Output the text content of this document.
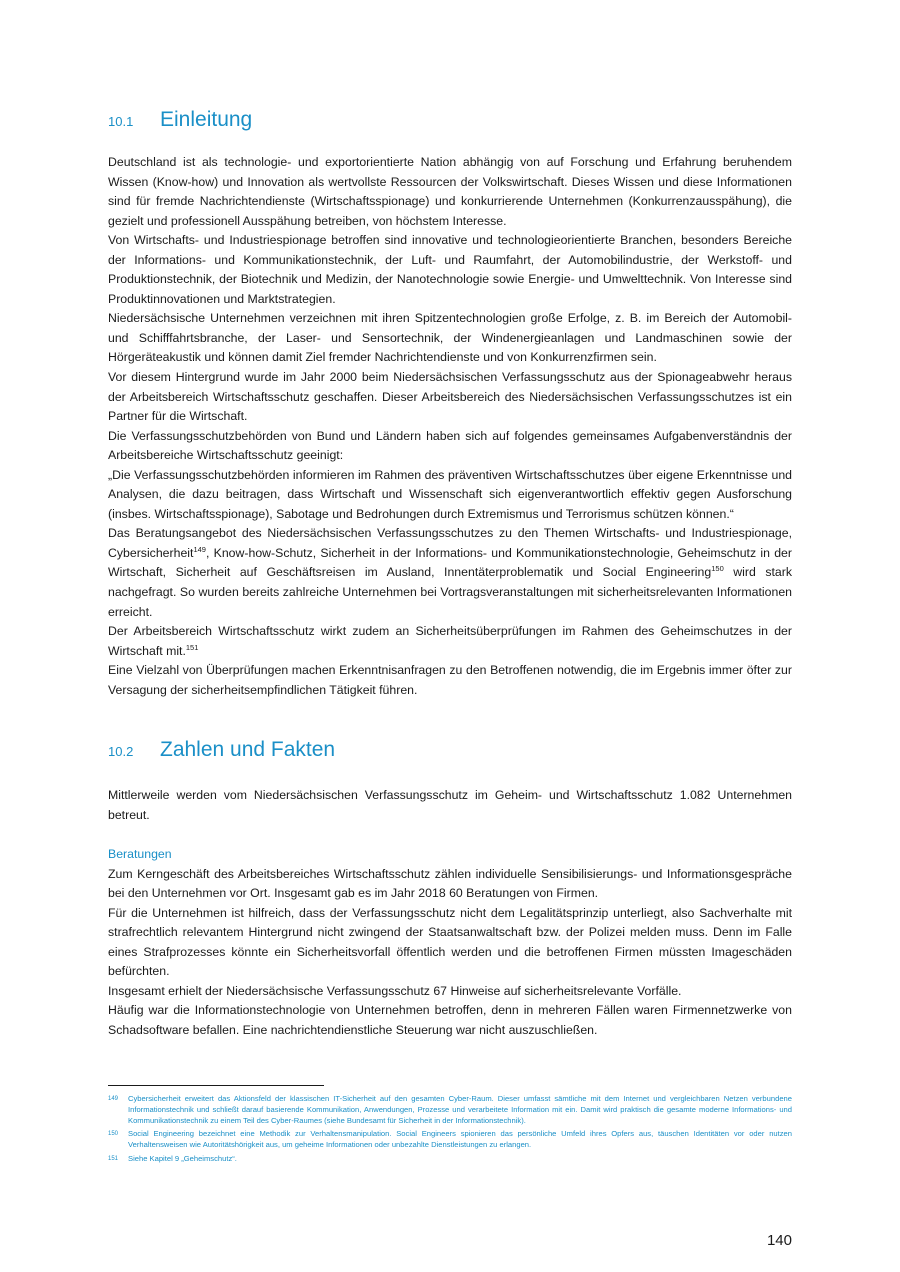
10.1	Einleitung

Deutschland ist als technologie- und exportorientierte Nation abhängig von auf Forschung und Erfahrung beruhendem Wissen (Know-how) und Innovation als wertvollste Ressourcen der Volkswirtschaft. Dieses Wissen und diese Informationen sind für fremde Nachrichtendienste (Wirtschaftsspionage) und konkurrierende Unternehmen (Konkurrenzausspähung), die gezielt und professionell Ausspähung betreiben, von höchstem Interesse.

Von Wirtschafts- und Industriespionage betroffen sind innovative und technologieorientierte Branchen, besonders Bereiche der Informations- und Kommunikationstechnik, der Luft- und Raumfahrt, der Automobilindustrie, der Werkstoff- und Produktionstechnik, der Biotechnik und Medizin, der Nanotechnologie sowie Energie- und Umwelttechnik. Von Interesse sind Produktinnovationen und Marktstrategien.

Niedersächsische Unternehmen verzeichnen mit ihren Spitzentechnologien große Erfolge, z. B. im Bereich der Automobil- und Schifffahrtsbranche, der Laser- und Sensortechnik, der Windenergieanlagen und Landmaschinen sowie der Hörgeräteakustik und können damit Ziel fremder Nachrichtendienste und von Konkurrenzfirmen sein.

Vor diesem Hintergrund wurde im Jahr 2000 beim Niedersächsischen Verfassungsschutz aus der Spionageabwehr heraus der Arbeitsbereich Wirtschaftsschutz geschaffen. Dieser Arbeitsbereich des Niedersächsischen Verfassungsschutzes ist ein Partner für die Wirtschaft.

Die Verfassungsschutzbehörden von Bund und Ländern haben sich auf folgendes gemeinsames Aufgabenverständnis der Arbeitsbereiche Wirtschaftsschutz geeinigt:

„Die Verfassungsschutzbehörden informieren im Rahmen des präventiven Wirtschaftsschutzes über eigene Erkenntnisse und Analysen, die dazu beitragen, dass Wirtschaft und Wissenschaft sich eigenverantwortlich effektiv gegen Ausforschung (insbes. Wirtschaftsspionage), Sabotage und Bedrohungen durch Extremismus und Terrorismus schützen können.“

Das Beratungsangebot des Niedersächsischen Verfassungsschutzes zu den Themen Wirtschafts- und Industriespionage, Cybersicherheit$^{149}$, Know-how-Schutz, Sicherheit in der Informations- und Kommunikationstechnologie, Geheimschutz in der Wirtschaft, Sicherheit auf Geschäftsreisen im Ausland, Innentäterproblematik und Social Engineering$^{150}$ wird stark nachgefragt. So wurden bereits zahlreiche Unternehmen bei Vortragsveranstaltungen mit sicherheitsrelevanten Informationen erreicht.

Der Arbeitsbereich Wirtschaftsschutz wirkt zudem an Sicherheitsüberprüfungen im Rahmen des Geheimschutzes in der Wirtschaft mit.$^{151}$

Eine Vielzahl von Überprüfungen machen Erkenntnisanfragen zu den Betroffenen notwendig, die im Ergebnis immer öfter zur Versagung der sicherheitsempfindlichen Tätigkeit führen.

10.2	Zahlen und Fakten

Mittlerweile werden vom Niedersächsischen Verfassungsschutz im Geheim- und Wirtschaftsschutz 1.082 Unternehmen betreut.

Beratungen

Zum Kerngeschäft des Arbeitsbereiches Wirtschaftsschutz zählen individuelle Sensibilisierungs- und Informationsgespräche bei den Unternehmen vor Ort. Insgesamt gab es im Jahr 2018 60 Beratungen von Firmen.

Für die Unternehmen ist hilfreich, dass der Verfassungsschutz nicht dem Legalitätsprinzip unterliegt, also Sachverhalte mit strafrechtlich relevantem Hintergrund nicht zwingend der Staatsanwaltschaft bzw. der Polizei melden muss. Denn im Falle eines Strafprozesses könnte ein Sicherheitsvorfall öffentlich werden und die betroffenen Firmen müssten Imageschäden befürchten.

Insgesamt erhielt der Niedersächsische Verfassungsschutz 67 Hinweise auf sicherheitsrelevante Vorfälle.

Häufig war die Informationstechnologie von Unternehmen betroffen, denn in mehreren Fällen waren Firmennetzwerke von Schadsoftware befallen. Eine nachrichtendienstliche Steuerung war nicht auszuschließen.

149	Cybersicherheit erweitert das Aktionsfeld der klassischen IT-Sicherheit auf den gesamten Cyber-Raum. Dieser umfasst sämtliche mit dem Internet und vergleichbaren Netzen verbundene Informationstechnik und schließt darauf basierende Kommunikation, Anwendungen, Prozesse und verarbeitete Information mit ein. Damit wird praktisch die gesamte moderne Informations- und Kommunikationstechnik zu einem Teil des Cyber-Raumes (siehe Bundesamt für Sicherheit in der Informationstechnik).
150	Social Engineering bezeichnet eine Methodik zur Verhaltensmanipulation. Social Engineers spionieren das persönliche Umfeld ihres Opfers aus, täuschen Identitäten vor oder nutzen Verhaltensweisen wie Autoritätshörigkeit aus, um geheime Informationen oder unbezahlte Dienstleistungen zu erlangen.
151	Siehe Kapitel 9 „Geheimschutz“.
140
